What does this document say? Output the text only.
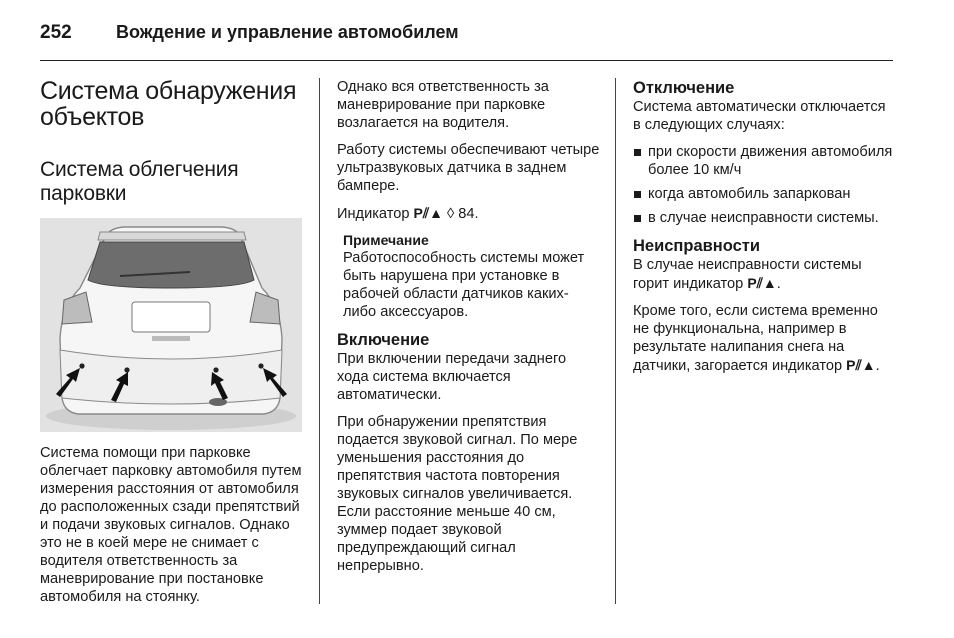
252 Вождение и управление автомобилем
Система обнаружения объектов
Система облегчения парковки

Система помощи при парковке облегчает парковку автомобиля путем измерения расстояния от автомобиля до расположенных сзади препятствий и подачи звуковых сигналов. Однако это не в коей мере не снимает с водителя ответственность за маневрирование при постановке автомобиля на стоянку.

Однако вся ответственность за маневрирование при парковке возлагается на водителя.

Работу системы обеспечивают четыре ультразвуковых датчика в заднем бампере.

Индикатор P⫽▲ ◊ 84.

Примечание

Работоспособность системы может быть нарушена при установке в рабочей области датчиков каких-либо аксессуаров.

Включение

При включении передачи заднего хода система включается автоматически.

При обнаружении препятствия подается звуковой сигнал. По мере уменьшения расстояния до препятствия частота повторения звуковых сигналов увеличивается. Если расстояние меньше 40 см, зуммер подает звуковой предупреждающий сигнал непрерывно.

Отключение

Система автоматически отключается в следующих случаях:

при скорости движения автомобиля более 10 км/ч
когда автомобиль запаркован
в случае неисправности системы.
Неисправности

В случае неисправности системы горит индикатор P⫽▲.

Кроме того, если система временно не функциональна, например в результате налипания снега на датчики, загорается индикатор P⫽▲.
